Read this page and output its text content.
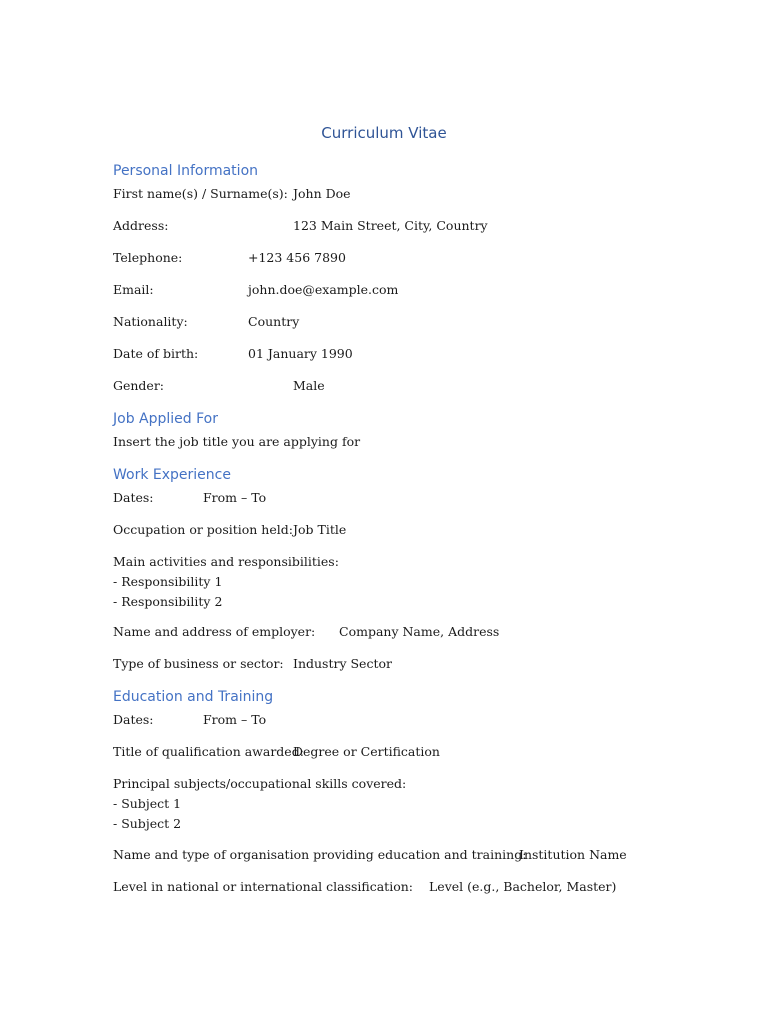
Curriculum Vitae
Personal Information
First name(s) / Surname(s): John Doe
Address:	123 Main Street, City, Country
Telephone:	+123 456 7890
Email:	john.doe@example.com
Nationality:	Country
Date of birth:	01 January 1990
Gender:	Male
Job Applied For
Insert the job title you are applying for
Work Experience
Dates:	From – To
Occupation or position held: Job Title
Main activities and responsibilities:
- Responsibility 1
- Responsibility 2
Name and address of employer: Company Name, Address
Type of business or sector: Industry Sector
Education and Training
Dates:	From – To
Title of qualification awarded:
Degree or Certification
Principal subjects/occupational skills covered:
- Subject 1
- Subject 2
Name and type of organisation providing education and training:
Institution Name
Level in national or international classification: Level (e.g., Bachelor, Master)
